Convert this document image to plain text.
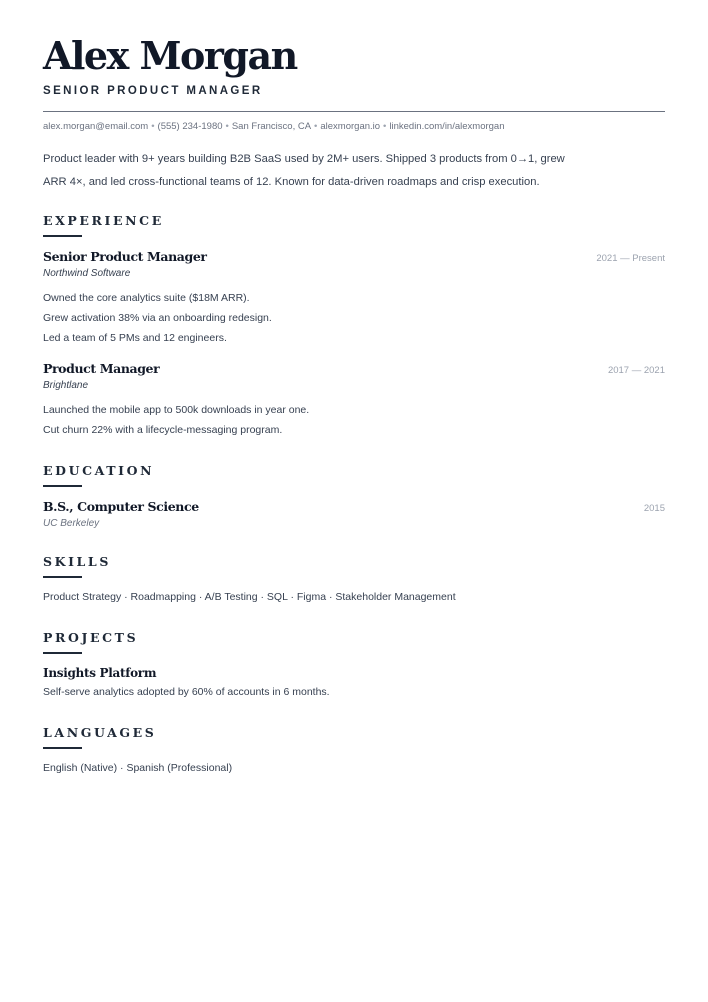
Alex Morgan
SENIOR PRODUCT MANAGER
alex.morgan@email.com • (555) 234-1980 • San Francisco, CA • alexmorgan.io • linkedin.com/in/alexmorgan
Product leader with 9+ years building B2B SaaS used by 2M+ users. Shipped 3 products from 0→1, grew
ARR 4×, and led cross-functional teams of 12. Known for data-driven roadmaps and crisp execution.
EXPERIENCE
Senior Product Manager	2021 — Present
Northwind Software
Owned the core analytics suite ($18M ARR).
Grew activation 38% via an onboarding redesign.
Led a team of 5 PMs and 12 engineers.
Product Manager	2017 — 2021
Brightlane
Launched the mobile app to 500k downloads in year one.
Cut churn 22% with a lifecycle-messaging program.
EDUCATION
B.S., Computer Science	2015
UC Berkeley
SKILLS
Product Strategy · Roadmapping · A/B Testing · SQL · Figma · Stakeholder Management
PROJECTS
Insights Platform
Self-serve analytics adopted by 60% of accounts in 6 months.
LANGUAGES
English (Native) · Spanish (Professional)
